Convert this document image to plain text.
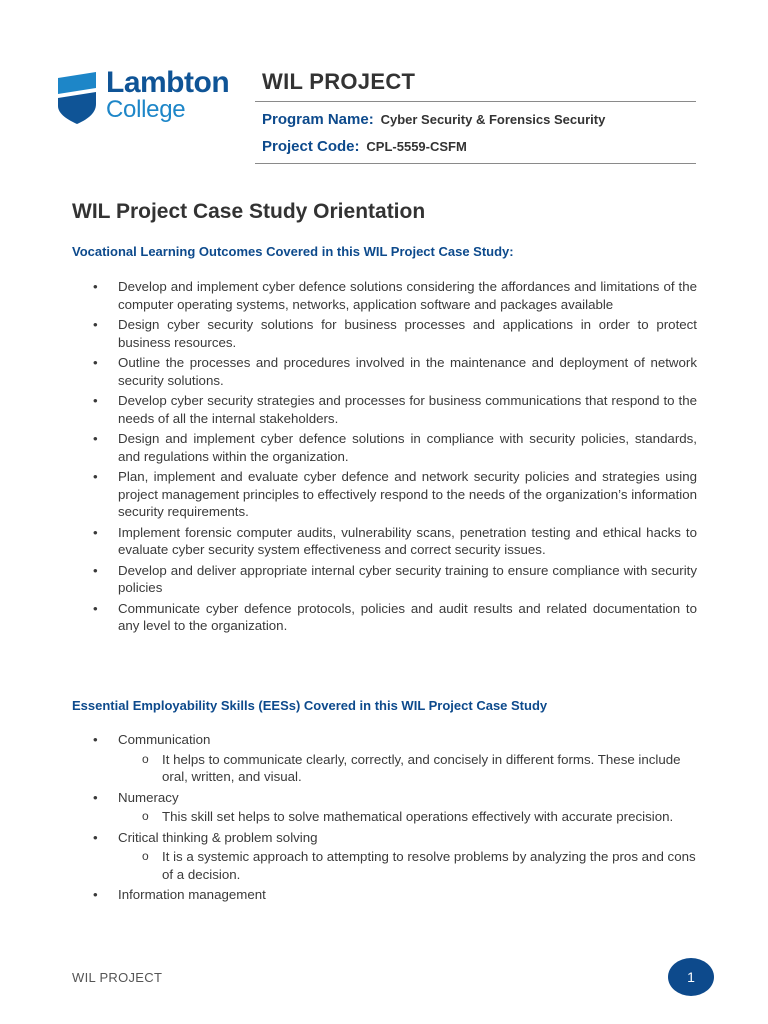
Lambton
College
WIL PROJECT
Program Name: Cyber Security & Forensics Security
Project Code: CPL-5559-CSFM
WIL Project Case Study Orientation
Vocational Learning Outcomes Covered in this WIL Project Case Study:
• Develop and implement cyber defence solutions considering the affordances and limitations of the computer operating systems, networks, application software and packages available
• Design cyber security solutions for business processes and applications in order to protect business resources.
• Outline the processes and procedures involved in the maintenance and deployment of network security solutions.
• Develop cyber security strategies and processes for business communications that respond to the needs of all the internal stakeholders.
• Design and implement cyber defence solutions in compliance with security policies, standards, and regulations within the organization.
• Plan, implement and evaluate cyber defence and network security policies and strategies using project management principles to effectively respond to the needs of the organization’s information security requirements.
• Implement forensic computer audits, vulnerability scans, penetration testing and ethical hacks to evaluate cyber security system effectiveness and correct security issues.
• Develop and deliver appropriate internal cyber security training to ensure compliance with security policies
• Communicate cyber defence protocols, policies and audit results and related documentation to any level to the organization.
Essential Employability Skills (EESs) Covered in this WIL Project Case Study
• Communication
o It helps to communicate clearly, correctly, and concisely in different forms. These include oral, written, and visual.
• Numeracy
o This skill set helps to solve mathematical operations effectively with accurate precision.
• Critical thinking & problem solving
o It is a systemic approach to attempting to resolve problems by analyzing the pros and cons of a decision.
• Information management
WIL PROJECT	1
